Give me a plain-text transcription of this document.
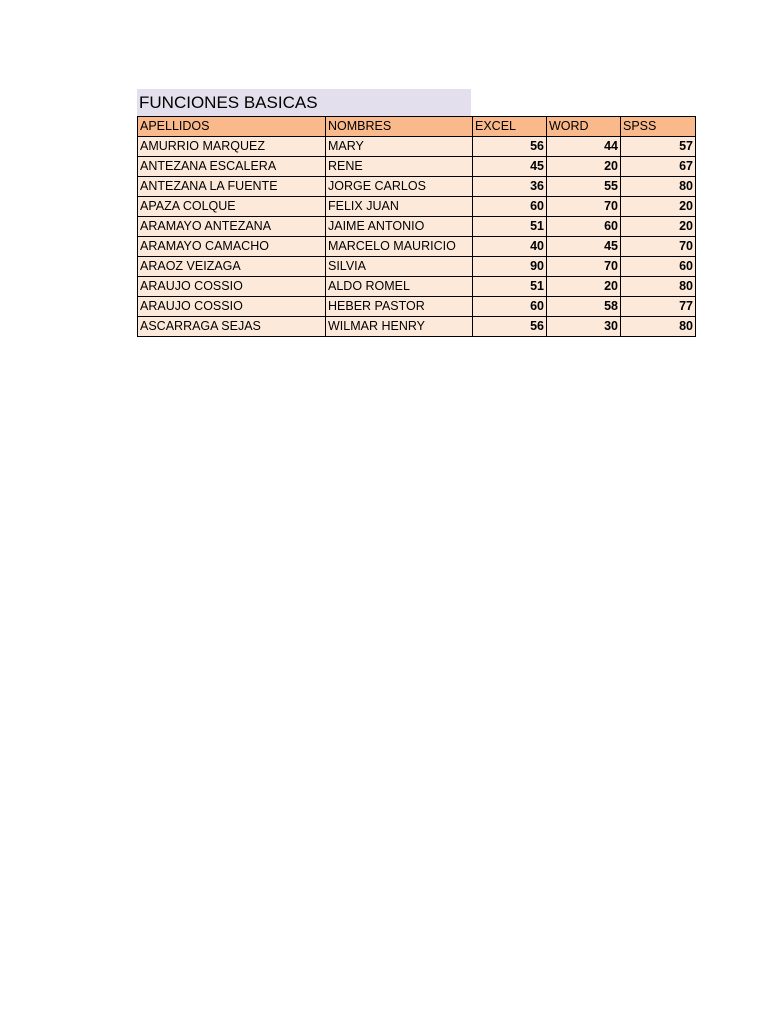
FUNCIONES BASICAS
APELLIDOS	NOMBRES	EXCEL	WORD	SPSS
AMURRIO MARQUEZ	MARY	56	44	57
ANTEZANA ESCALERA	RENE	45	20	67
ANTEZANA LA FUENTE	JORGE CARLOS	36	55	80
APAZA COLQUE	FELIX JUAN	60	70	20
ARAMAYO ANTEZANA	JAIME ANTONIO	51	60	20
ARAMAYO CAMACHO	MARCELO MAURICIO	40	45	70
ARAOZ VEIZAGA	SILVIA	90	70	60
ARAUJO COSSIO	ALDO ROMEL	51	20	80
ARAUJO COSSIO	HEBER PASTOR	60	58	77
ASCARRAGA SEJAS	WILMAR HENRY	56	30	80
